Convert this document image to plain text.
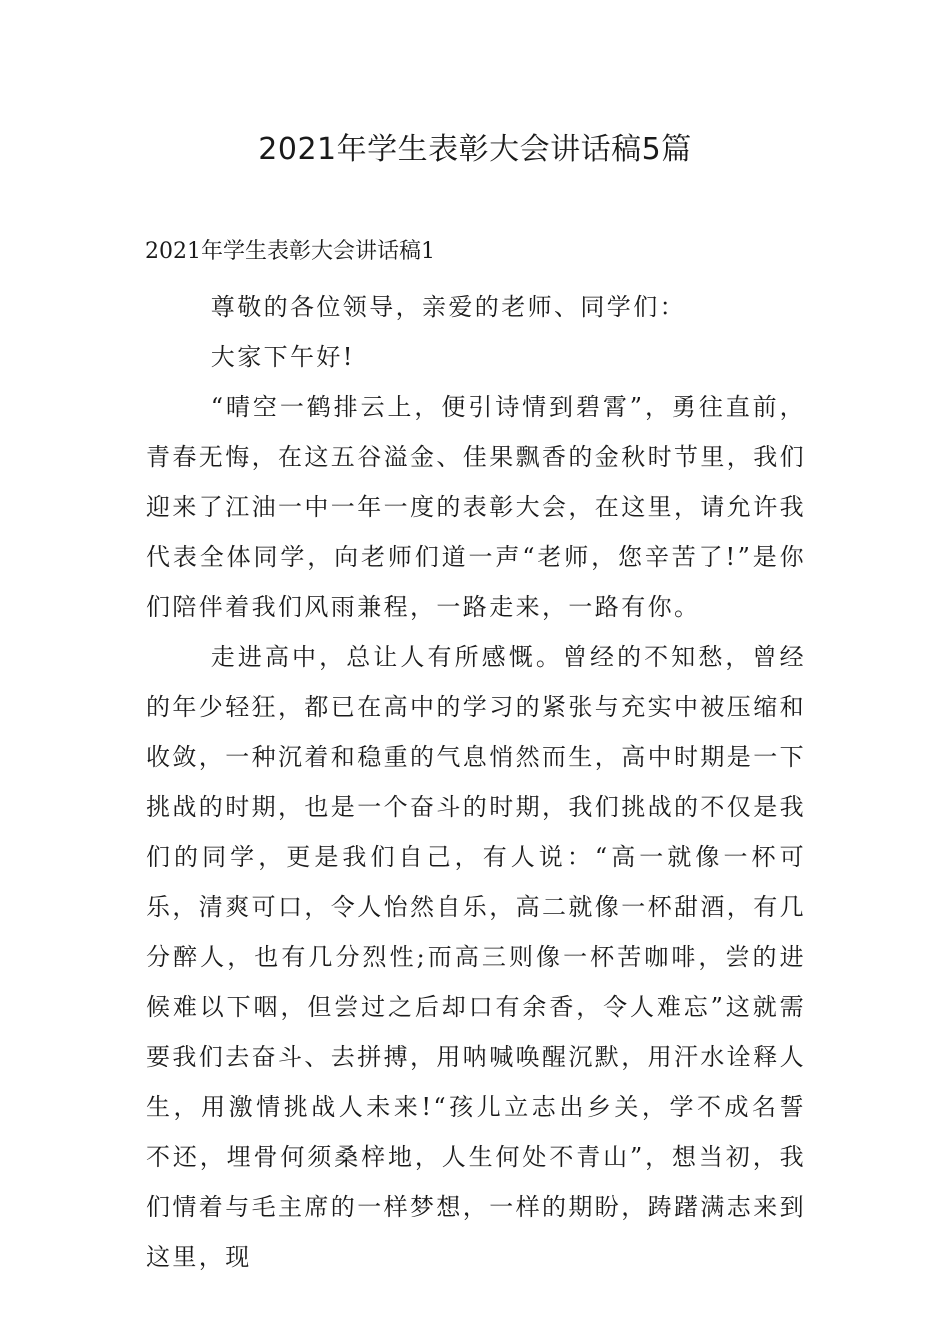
2021年学生表彰大会讲话稿5篇
2021年学生表彰大会讲话稿1

尊敬的各位领导，亲爱的老师、同学们：

大家下午好!

“晴空一鹤排云上，便引诗情到碧霄”，勇往直前，青春无悔，在这五谷溢金、佳果飘香的金秋时节里，我们迎来了江油一中一年一度的表彰大会，在这里，请允许我代表全体同学，向老师们道一声“老师，您辛苦了!”是你们陪伴着我们风雨兼程，一路走来，一路有你。

走进高中，总让人有所感慨。曾经的不知愁，曾经的年少轻狂，都已在高中的学习的紧张与充实中被压缩和收敛，一种沉着和稳重的气息悄然而生，高中时期是一下挑战的时期，也是一个奋斗的时期，我们挑战的不仅是我们的同学，更是我们自己，有人说：“高一就像一杯可乐，清爽可口，令人怡然自乐，高二就像一杯甜酒，有几分醉人，也有几分烈性;而高三则像一杯苦咖啡，尝的进候难以下咽，但尝过之后却口有余香，令人难忘”这就需要我们去奋斗、去拼搏，用呐喊唤醒沉默，用汗水诠释人生，用激情挑战人未来!“孩儿立志出乡关，学不成名誓不还，埋骨何须桑梓地，人生何处不青山”，想当初，我们情着与毛主席的一样梦想，一样的期盼，踌躇满志来到这里，现
